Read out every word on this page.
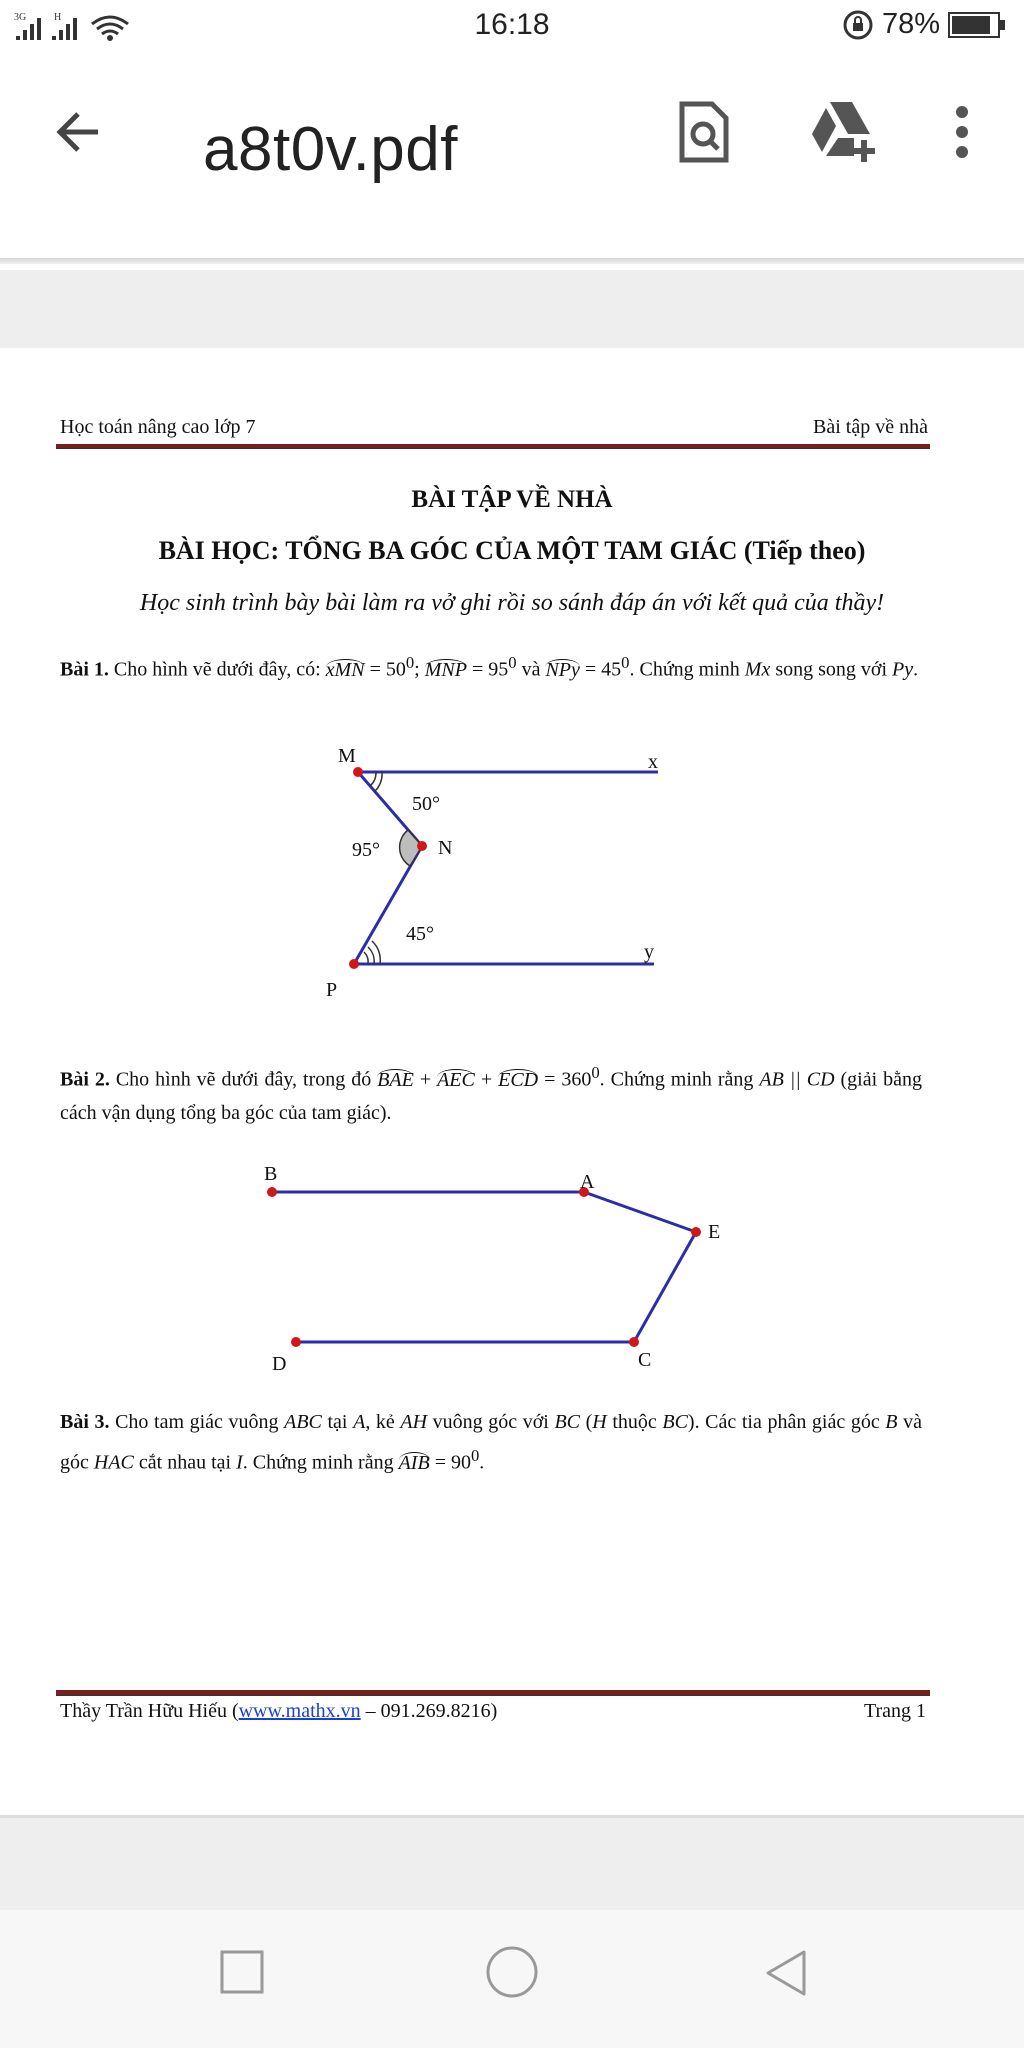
3G	H	16:18	78%
a8t0v.pdf
Học toán nâng cao lớp 7	Bài tập về nhà
BÀI TẬP VỀ NHÀ
BÀI HỌC: TỔNG BA GÓC CỦA MỘT TAM GIÁC (Tiếp theo)
Học sinh trình bày bài làm ra vở ghi rồi so sánh đáp án với kết quả của thầy!
Bài 1. Cho hình vẽ dưới đây, có: xMN = $50^0$; MNP = $95^0$ và NPy = $45^0$. Chứng minh Mx song song với Py.
M
N
P
x
y
50°
95°
45°
Bài 2. Cho hình vẽ dưới đây, trong đó BAE + AEC + ECD = $360^0$. Chứng minh rằng AB || CD (giải bằng cách vận dụng tổng ba góc của tam giác).
B	A
E
D	C
Bài 3. Cho tam giác vuông ABC tại A, kẻ AH vuông góc với BC (H thuộc BC). Các tia phân giác góc B và góc HAC cắt nhau tại I. Chứng minh rằng AIB = $90^0$.
Thầy Trần Hữu Hiếu (www.mathx.vn – 091.269.8216)	Trang 1
